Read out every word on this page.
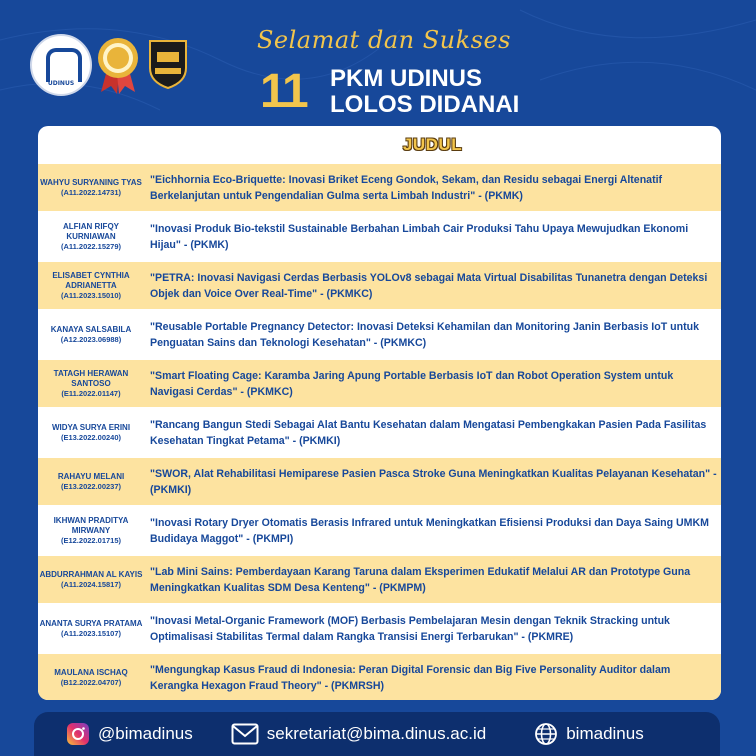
UDINUS
Selamat dan Sukses
11 PKM UDINUS
LOLOS DIDANAI
JUDUL
WAHYU SURYANING TYAS
(A11.2022.14731)
"Eichhornia Eco-Briquette: Inovasi Briket Eceng Gondok, Sekam, dan Residu sebagai Energi Altenatif Berkelanjutan untuk Pengendalian Gulma serta Limbah Industri" - (PKMK)
ALFIAN RIFQY KURNIAWAN
(A11.2022.15279)
"Inovasi Produk Bio-tekstil Sustainable Berbahan Limbah Cair Produksi Tahu Upaya Mewujudkan Ekonomi Hijau" - (PKMK)
ELISABET CYNTHIA ADRIANETTA
(A11.2023.15010)
"PETRA: Inovasi Navigasi Cerdas Berbasis YOLOv8 sebagai Mata Virtual Disabilitas Tunanetra dengan Deteksi Objek dan Voice Over Real-Time" - (PKMKC)
KANAYA SALSABILA
(A12.2023.06988)
"Reusable Portable Pregnancy Detector: Inovasi Deteksi Kehamilan dan Monitoring Janin Berbasis IoT untuk Penguatan Sains dan Teknologi Kesehatan" - (PKMKC)
TATAGH HERAWAN SANTOSO
(E11.2022.01147)
"Smart Floating Cage: Karamba Jaring Apung Portable Berbasis IoT dan Robot Operation System untuk Navigasi Cerdas" - (PKMKC)
WIDYA SURYA ERINI
(E13.2022.00240)
"Rancang Bangun Stedi Sebagai Alat Bantu Kesehatan dalam Mengatasi Pembengkakan Pasien Pada Fasilitas Kesehatan Tingkat Petama" - (PKMKI)
RAHAYU MELANI
(E13.2022.00237)
"SWOR, Alat Rehabilitasi Hemiparese Pasien Pasca Stroke Guna Meningkatkan Kualitas Pelayanan Kesehatan" - (PKMKI)
IKHWAN PRADITYA MIRWANY
(E12.2022.01715)
"Inovasi Rotary Dryer Otomatis Berasis Infrared untuk Meningkatkan Efisiensi Produksi dan Daya Saing UMKM Budidaya Maggot" - (PKMPI)
ABDURRAHMAN AL KAYIS
(A11.2024.15817)
"Lab Mini Sains: Pemberdayaan Karang Taruna dalam Eksperimen Edukatif Melalui AR dan Prototype Guna Meningkatkan Kualitas SDM Desa Kenteng" - (PKMPM)
ANANTA SURYA PRATAMA
(A11.2023.15107)
"Inovasi Metal-Organic Framework (MOF) Berbasis Pembelajaran Mesin dengan Teknik Stracking untuk Optimalisasi Stabilitas Termal dalam Rangka Transisi Energi Terbarukan" - (PKMRE)
MAULANA ISCHAQ
(B12.2022.04707)
"Mengungkap Kasus Fraud di Indonesia: Peran Digital Forensic dan Big Five Personality Auditor dalam Kerangka Hexagon Fraud Theory" - (PKMRSH)
@bimadinus	sekretariat@bima.dinus.ac.id	bimadinus
